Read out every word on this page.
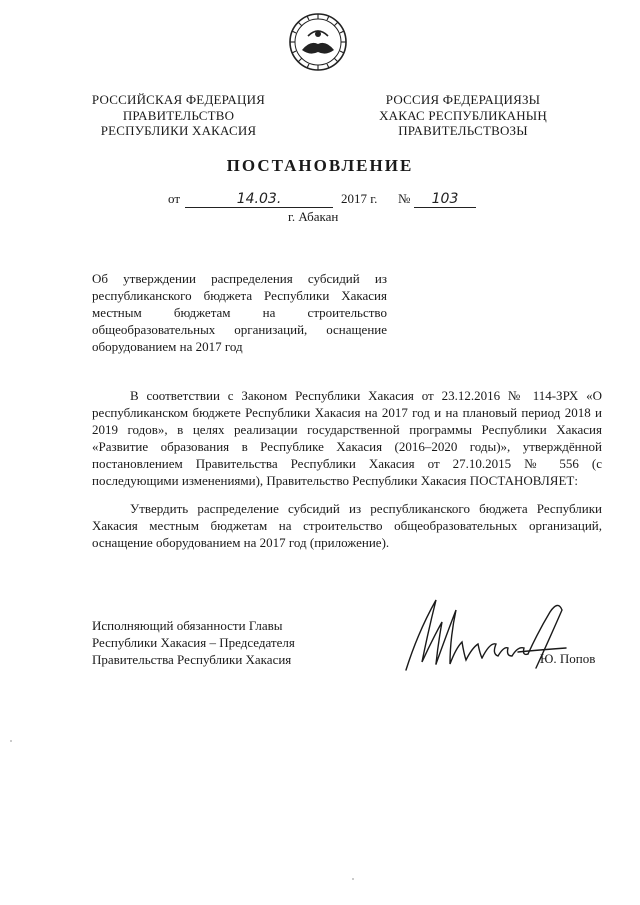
РОССИЙСКАЯ ФЕДЕРАЦИЯ
ПРАВИТЕЛЬСТВО
РЕСПУБЛИКИ ХАКАСИЯ
РОССИЯ ФЕДЕРАЦИЯЗЫ
ХАКАС РЕСПУБЛИКАНЫҢ
ПРАВИТЕЛЬСТВОЗЫ
ПОСТАНОВЛЕНИЕ
от	14.03.	2017 г. №	103
г. Абакан
Об утверждении распределения субсидий из республиканского бюджета Республики Хакасия местным бюджетам на строительство общеобразовательных организаций, оснащение оборудованием на 2017 год
В соответствии с Законом Республики Хакасия от 23.12.2016 № 114-ЗРХ «О республиканском бюджете Республики Хакасия на 2017 год и на плановый период 2018 и 2019 годов», в целях реализации государственной программы Республики Хакасия «Развитие образования в Республике Хакасия (2016–2020 годы)», утверждённой постановлением Правительства Республики Хакасия от 27.10.2015 № 556 (с последующими изменениями), Правительство Республики Хакасия ПОСТАНОВЛЯЕТ:
Утвердить распределение субсидий из республиканского бюджета Республики Хакасия местным бюджетам на строительство общеобразовательных организаций, оснащение оборудованием на 2017 год (приложение).
Исполняющий обязанности Главы
Республики Хакасия – Председателя
Правительства Республики Хакасия	Ю. Попов
